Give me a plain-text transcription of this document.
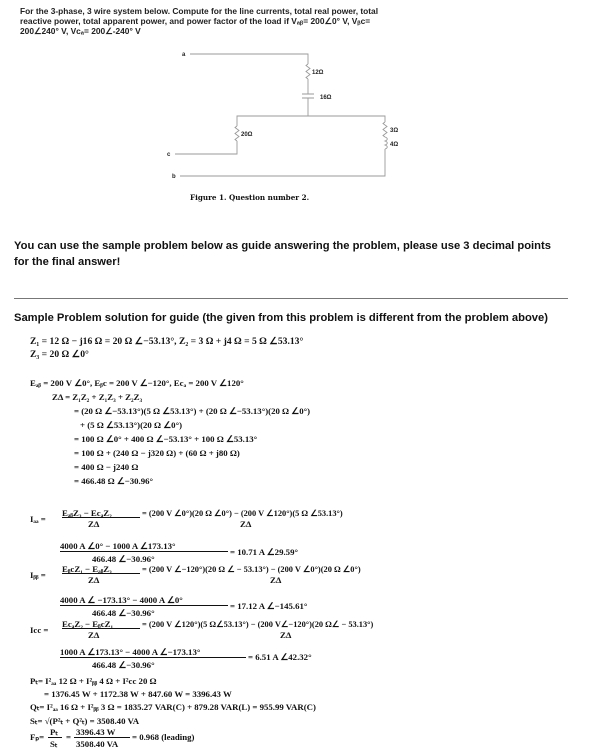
For the 3-phase, 3 wire system below. Compute for the line currents, total real power, total
reactive power, total apparent power, and power factor of the load if Vₐᵦ= 200∠0° V, Vᵦc=
200∠240° V, Vᴄₐ= 200∠-240° V
a
c
b
12Ω
16Ω
20Ω
3Ω
4Ω
Figure 1. Question number 2.
You can use the sample problem below as guide answering the problem, please use 3 decimal points
for the final answer!
Sample Problem solution for guide (the given from this problem is different from the problem above)
Z₁ = 12 Ω − j16 Ω = 20 Ω ∠−53.13°, Z₂ = 3 Ω + j4 Ω = 5 Ω ∠53.13°
Z₃ = 20 Ω ∠0°
Eₐᵦ = 200 V ∠0°, Eᵦc = 200 V ∠−120°, Ecₐ = 200 V ∠120°
ZΔ = Z₁Z₂ + Z₁Z₃ + Z₂Z₃
= (20 Ω ∠−53.13°)(5 Ω ∠53.13°) + (20 Ω ∠−53.13°)(20 Ω ∠0°)
+ (5 Ω ∠53.13°)(20 Ω ∠0°)
= 100 Ω ∠0° + 400 Ω ∠−53.13° + 100 Ω ∠53.13°
= 100 Ω + (240 Ω − j320 Ω) + (60 Ω + j80 Ω)
= 400 Ω − j240 Ω
= 466.48 Ω ∠−30.96°
Iₐₐ =
EₐᵦZ₃ − EcₐZ₂
ZΔ
= (200 V ∠0°)(20 Ω ∠0°) − (200 V ∠120°)(5 Ω ∠53.13°)
ZΔ
4000 A ∠0° − 1000 A ∠173.13°
466.48 ∠−30.96°
= 10.71 A ∠29.59°
Iᵦᵦ =
EᵦcZ₁ − EₐᵦZ₃
ZΔ
= (200 V ∠−120°)(20 Ω ∠ − 53.13°) − (200 V ∠0°)(20 Ω ∠0°)
ZΔ
4000 A ∠ −173.13° − 4000 A ∠0°
466.48 ∠−30.96°
= 17.12 A ∠−145.61°
Icc =
EcₐZ₂ − EᵦcZ₁
ZΔ
= (200 V ∠120°)(5 Ω∠53.13°) − (200 V∠−120°)(20 Ω∠ − 53.13°)
ZΔ
1000 A ∠173.13° − 4000 A ∠−173.13°
466.48 ∠−30.96°
= 6.51 A ∠42.32°
Pₜ= I²ₐₐ 12 Ω + I²ᵦᵦ 4 Ω + I²cc 20 Ω
= 1376.45 W + 1172.38 W + 847.60 W = 3396.43 W
Qₜ= I²ₐₐ 16 Ω + I²ᵦᵦ 3 Ω = 1835.27 VAR(C) + 879.28 VAR(L) = 955.99 VAR(C)
Sₜ= √(P²ₜ + Q²ₜ) = 3508.40 VA
Fₚ= Pₜ
Sₜ
= 3396.43 W
3508.40 VA
= 0.968 (leading)
